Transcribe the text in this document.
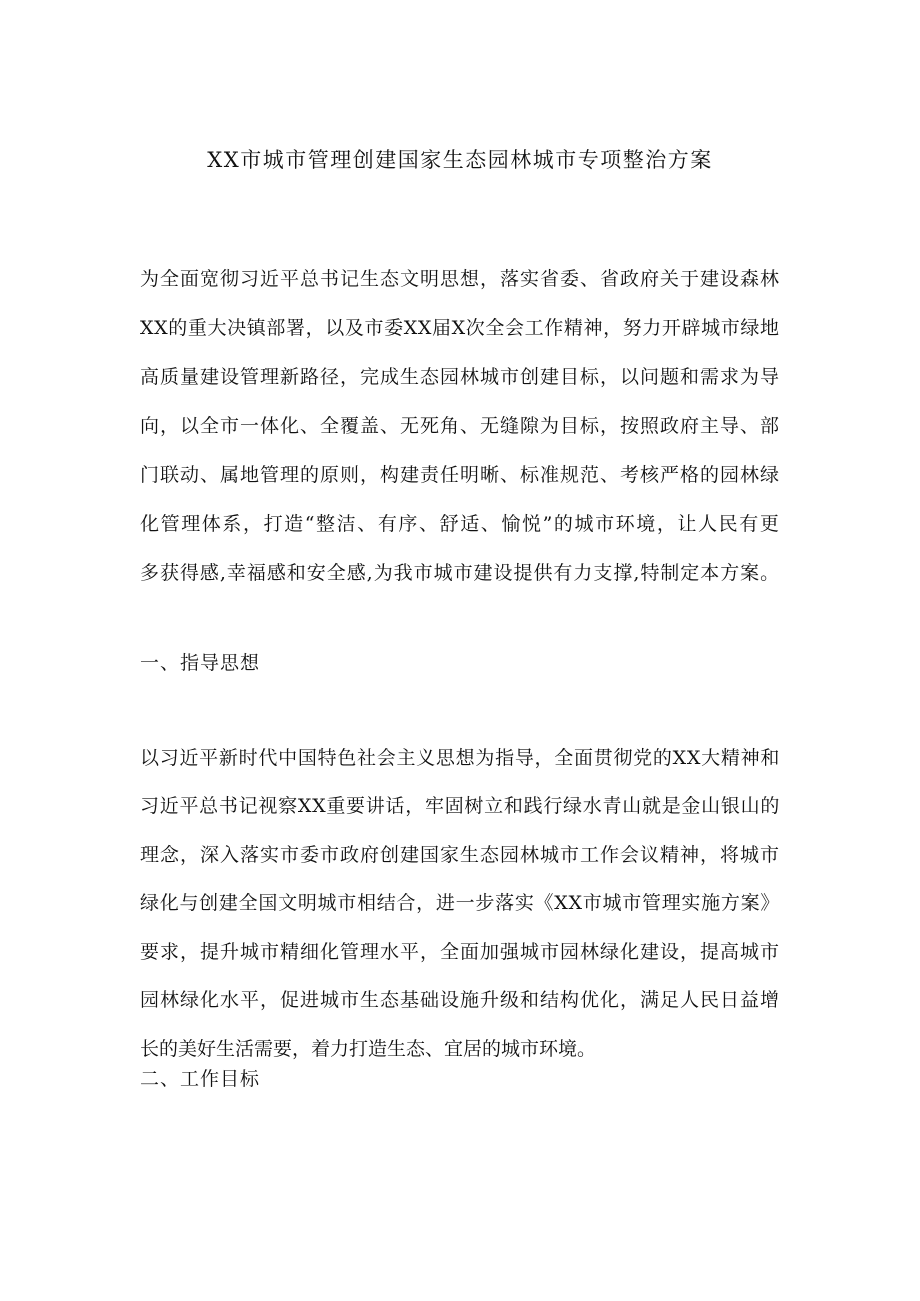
XX市城市管理创建国家生态园林城市专项整治方案
为全面宽彻习近平总书记生态文明思想，落实省委、省政府关于建设森林
XX的重大决镇部署，以及市委XX届X次全会工作精神，努力开辟城市绿地
高质量建设管理新路径，完成生态园林城市创建目标，以问题和需求为导
向，以全市一体化、全覆盖、无死角、无缝隙为目标，按照政府主导、部
门联动、属地管理的原则，构建责任明晰、标准规范、考核严格的园林绿
化管理体系，打造“整洁、有序、舒适、愉悦”的城市环境，让人民有更
多获得感,幸福感和安全感,为我市城市建设提供有力支撑,特制定本方案。
一、指导思想
以习近平新时代中国特色社会主义思想为指导，全面贯彻党的XX大精神和
习近平总书记视察XX重要讲话，牢固树立和践行绿水青山就是金山银山的
理念，深入落实市委市政府创建国家生态园林城市工作会议精神，将城市
绿化与创建全国文明城市相结合，进一步落实《XX市城市管理实施方案》
要求，提升城市精细化管理水平，全面加强城市园林绿化建设，提高城市
园林绿化水平，促进城市生态基础设施升级和结构优化，满足人民日益增
长的美好生活需要，着力打造生态、宜居的城市环境。
二、工作目标
